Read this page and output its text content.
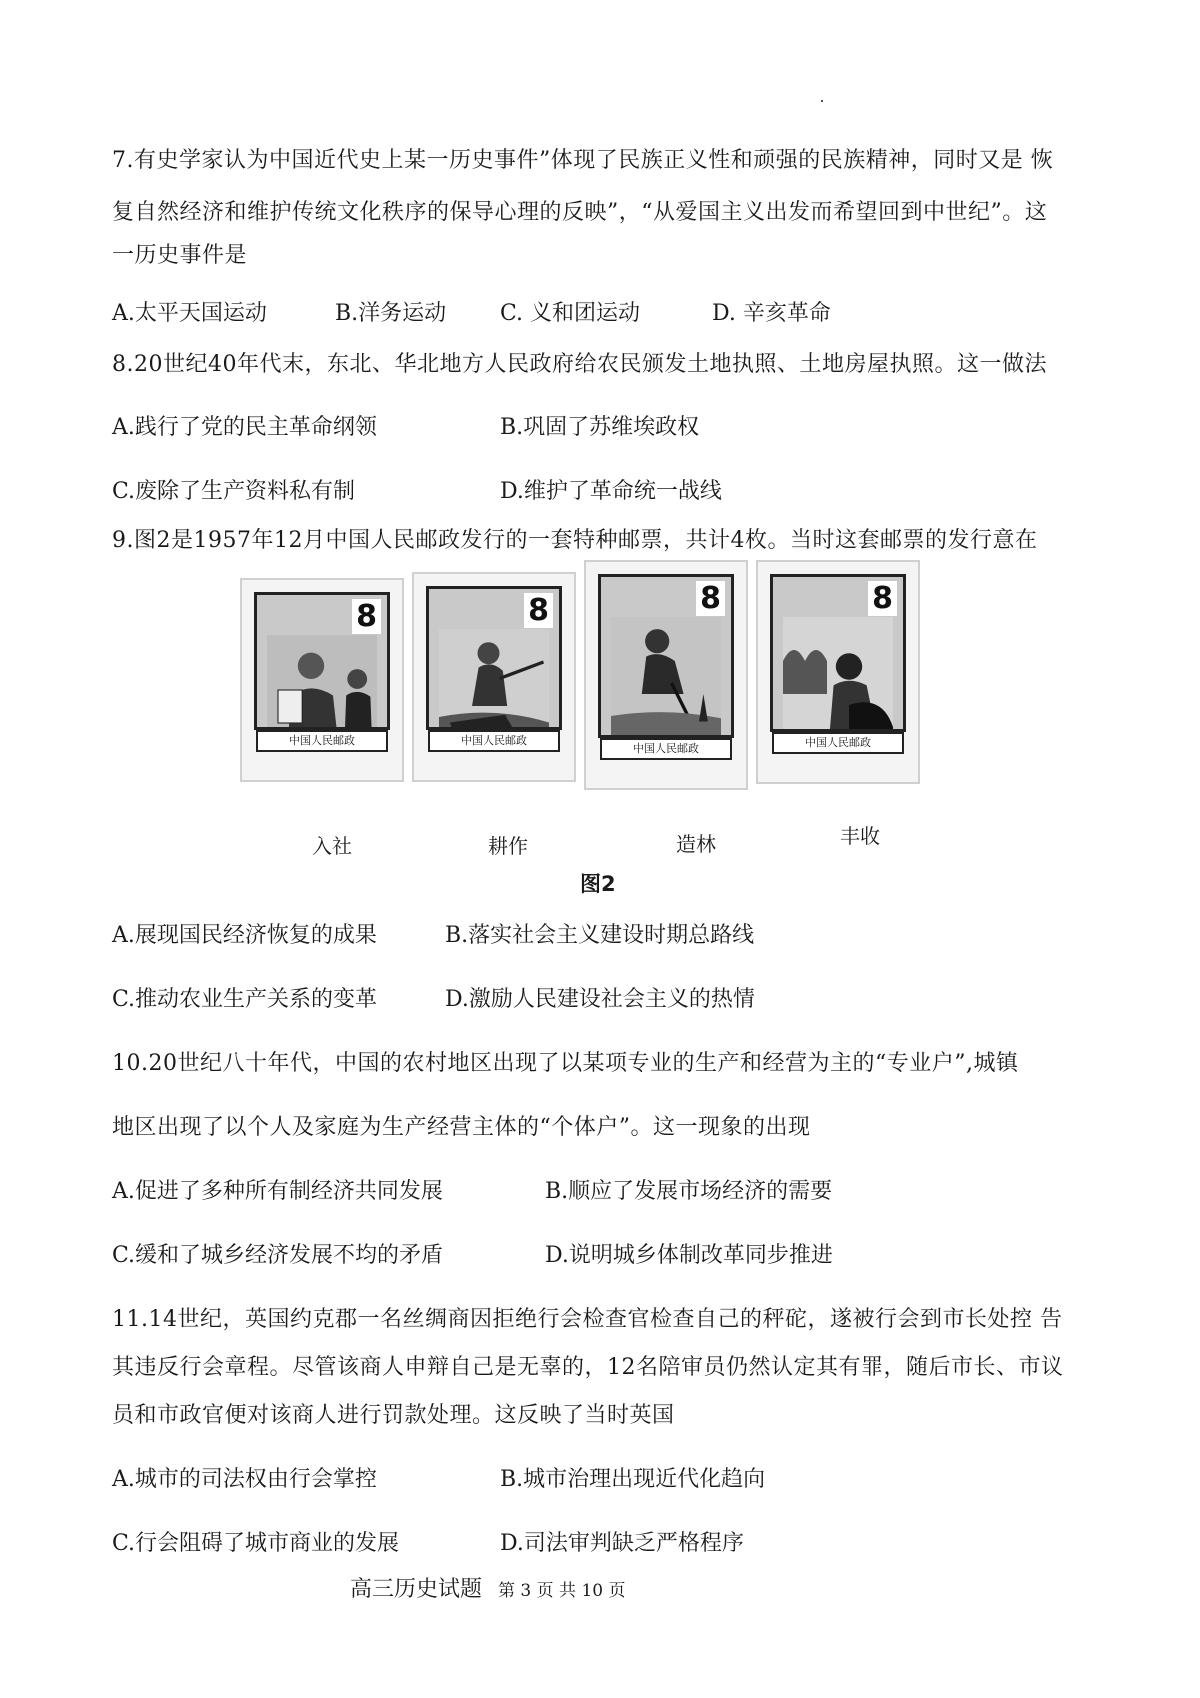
7.有史学家认为中国近代史上某一历史事件”体现了民族正义性和顽强的民族精神，同时又是 恢
复自然经济和维护传统文化秩序的保导心理的反映”，“从爱国主义出发而希望回到中世纪”。这
一历史事件是
A.太平天国运动	B.洋务运动 C. 义和团运动	D. 辛亥革命
8.20世纪40年代末，东北、华北地方人民政府给农民颁发土地执照、土地房屋执照。这一做法
A.践行了党的民主革命纲领	B.巩固了苏维埃政权
C.废除了生产资料私有制	D.维护了革命统一战线
9.图2是1957年12月中国人民邮政发行的一套特种邮票，共计4枚。当时这套邮票的发行意在
8
中国人民邮政
8
中国人民邮政
8
中国人民邮政
8
中国人民邮政
入社	耕作	造林	丰收
图2
A.展现国民经济恢复的成果	B.落实社会主义建设时期总路线
C.推动农业生产关系的变革	D.激励人民建设社会主义的热情
10.20世纪八十年代，中国的农村地区出现了以某项专业的生产和经营为主的“专业户”,城镇
地区出现了以个人及家庭为生产经营主体的“个体户”。这一现象的出现
A.促进了多种所有制经济共同发展	B.顺应了发展市场经济的需要
C.缓和了城乡经济发展不均的矛盾	D.说明城乡体制改革同步推进
11.14世纪，英国约克郡一名丝绸商因拒绝行会检查官检查自己的秤砣，遂被行会到市长处控 告
其违反行会章程。尽管该商人申辩自己是无辜的，12名陪审员仍然认定其有罪，随后市长、市议
员和市政官便对该商人进行罚款处理。这反映了当时英国
A.城市的司法权由行会掌控	B.城市治理出现近代化趋向
C.行会阻碍了城市商业的发展	D.司法审判缺乏严格程序
高三历史试题 第 3 页 共 10 页
